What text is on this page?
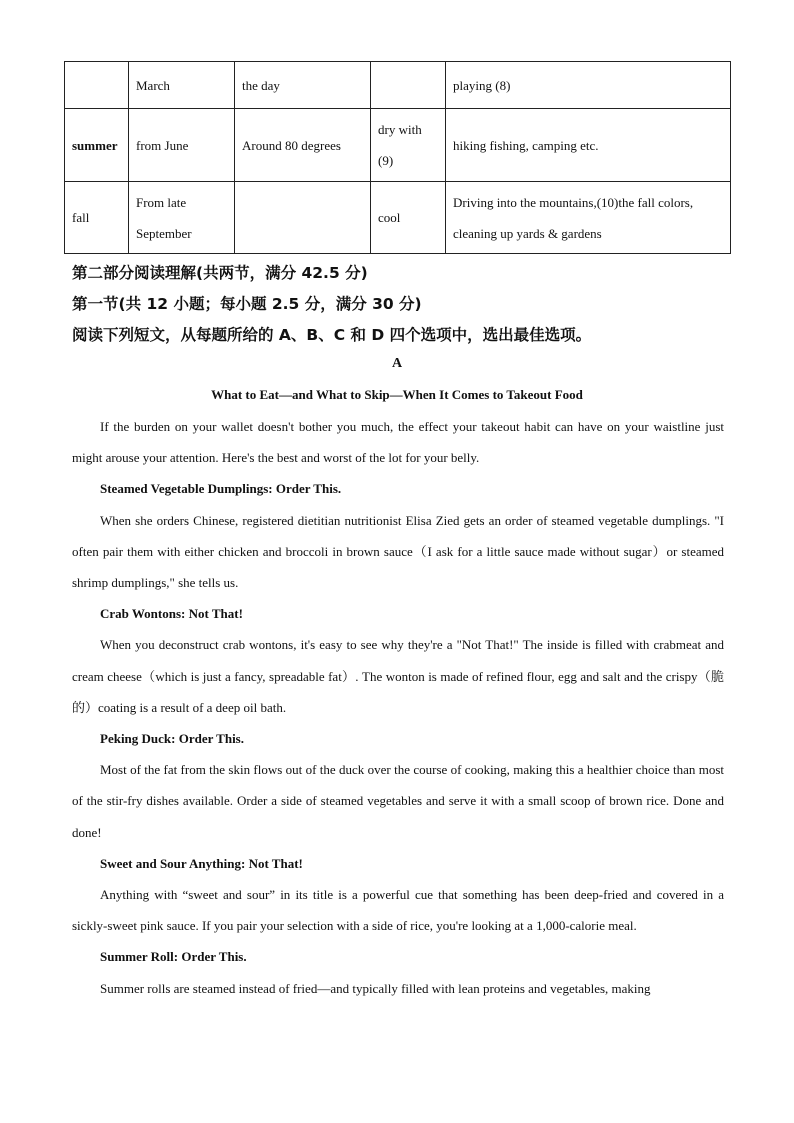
	March	the day		playing (8)
summer	from June	Around 80 degrees	dry with (9)	hiking fishing, camping etc.
fall	From late September		cool	Driving into the mountains,(10)the fall colors, cleaning up yards & gardens
第二部分阅读理解(共两节，满分 42.5 分)
第一节(共 12 小题；每小题 2.5 分，满分 30 分)
阅读下列短文，从每题所给的 A、B、C 和 D 四个选项中，选出最佳选项。
A
What to Eat—and What to Skip—When It Comes to Takeout Food

If the burden on your wallet doesn't bother you much, the effect your takeout habit can have on your waistline just might arouse your attention. Here's the best and worst of the lot for your belly.

Steamed Vegetable Dumplings: Order This.

When she orders Chinese, registered dietitian nutritionist Elisa Zied gets an order of steamed vegetable dumplings. "I often pair them with either chicken and broccoli in brown sauce（I ask for a little sauce made without sugar）or steamed shrimp dumplings," she tells us.

Crab Wontons: Not That!

When you deconstruct crab wontons, it's easy to see why they're a "Not That!" The inside is filled with crabmeat and cream cheese（which is just a fancy, spreadable fat）. The wonton is made of refined flour, egg and salt and the crispy（脆的）coating is a result of a deep oil bath.

Peking Duck: Order This.

Most of the fat from the skin flows out of the duck over the course of cooking, making this a healthier choice than most of the stir-fry dishes available. Order a side of steamed vegetables and serve it with a small scoop of brown rice. Done and done!

Sweet and Sour Anything: Not That!

Anything with “sweet and sour” in its title is a powerful cue that something has been deep-fried and covered in a sickly-sweet pink sauce. If you pair your selection with a side of rice, you're looking at a 1,000-calorie meal.

Summer Roll: Order This.

Summer rolls are steamed instead of fried—and typically filled with lean proteins and vegetables, making
